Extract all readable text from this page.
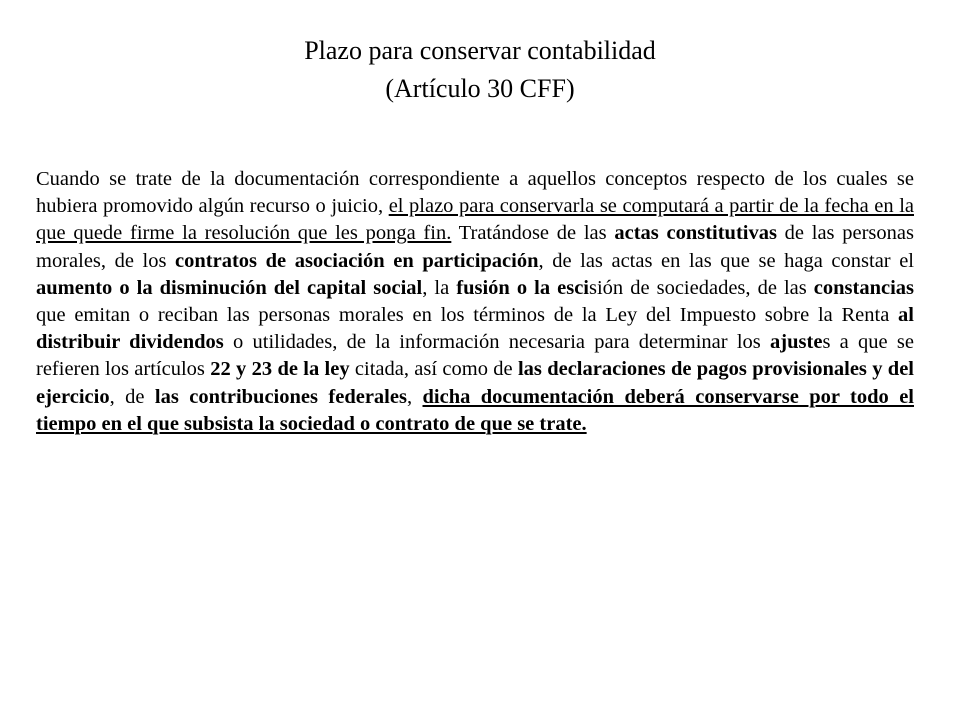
Plazo para conservar contabilidad
(Artículo 30 CFF)

Cuando se trate de la documentación correspondiente a aquellos conceptos respecto de los cuales se hubiera promovido algún recurso o juicio, el plazo para conservarla se computará a partir de la fecha en la que quede firme la resolución que les ponga fin. Tratándose de las actas constitutivas de las personas morales, de los contratos de asociación en participación, de las actas en las que se haga constar el aumento o la disminución del capital social, la fusión o la escisión de sociedades, de las constancias que emitan o reciban las personas morales en los términos de la Ley del Impuesto sobre la Renta al distribuir dividendos o utilidades, de la información necesaria para determinar los ajustes a que se refieren los artículos 22 y 23 de la ley citada, así como de las declaraciones de pagos provisionales y del ejercicio, de las contribuciones federales, dicha documentación deberá conservarse por todo el tiempo en el que subsista la sociedad o contrato de que se trate.
